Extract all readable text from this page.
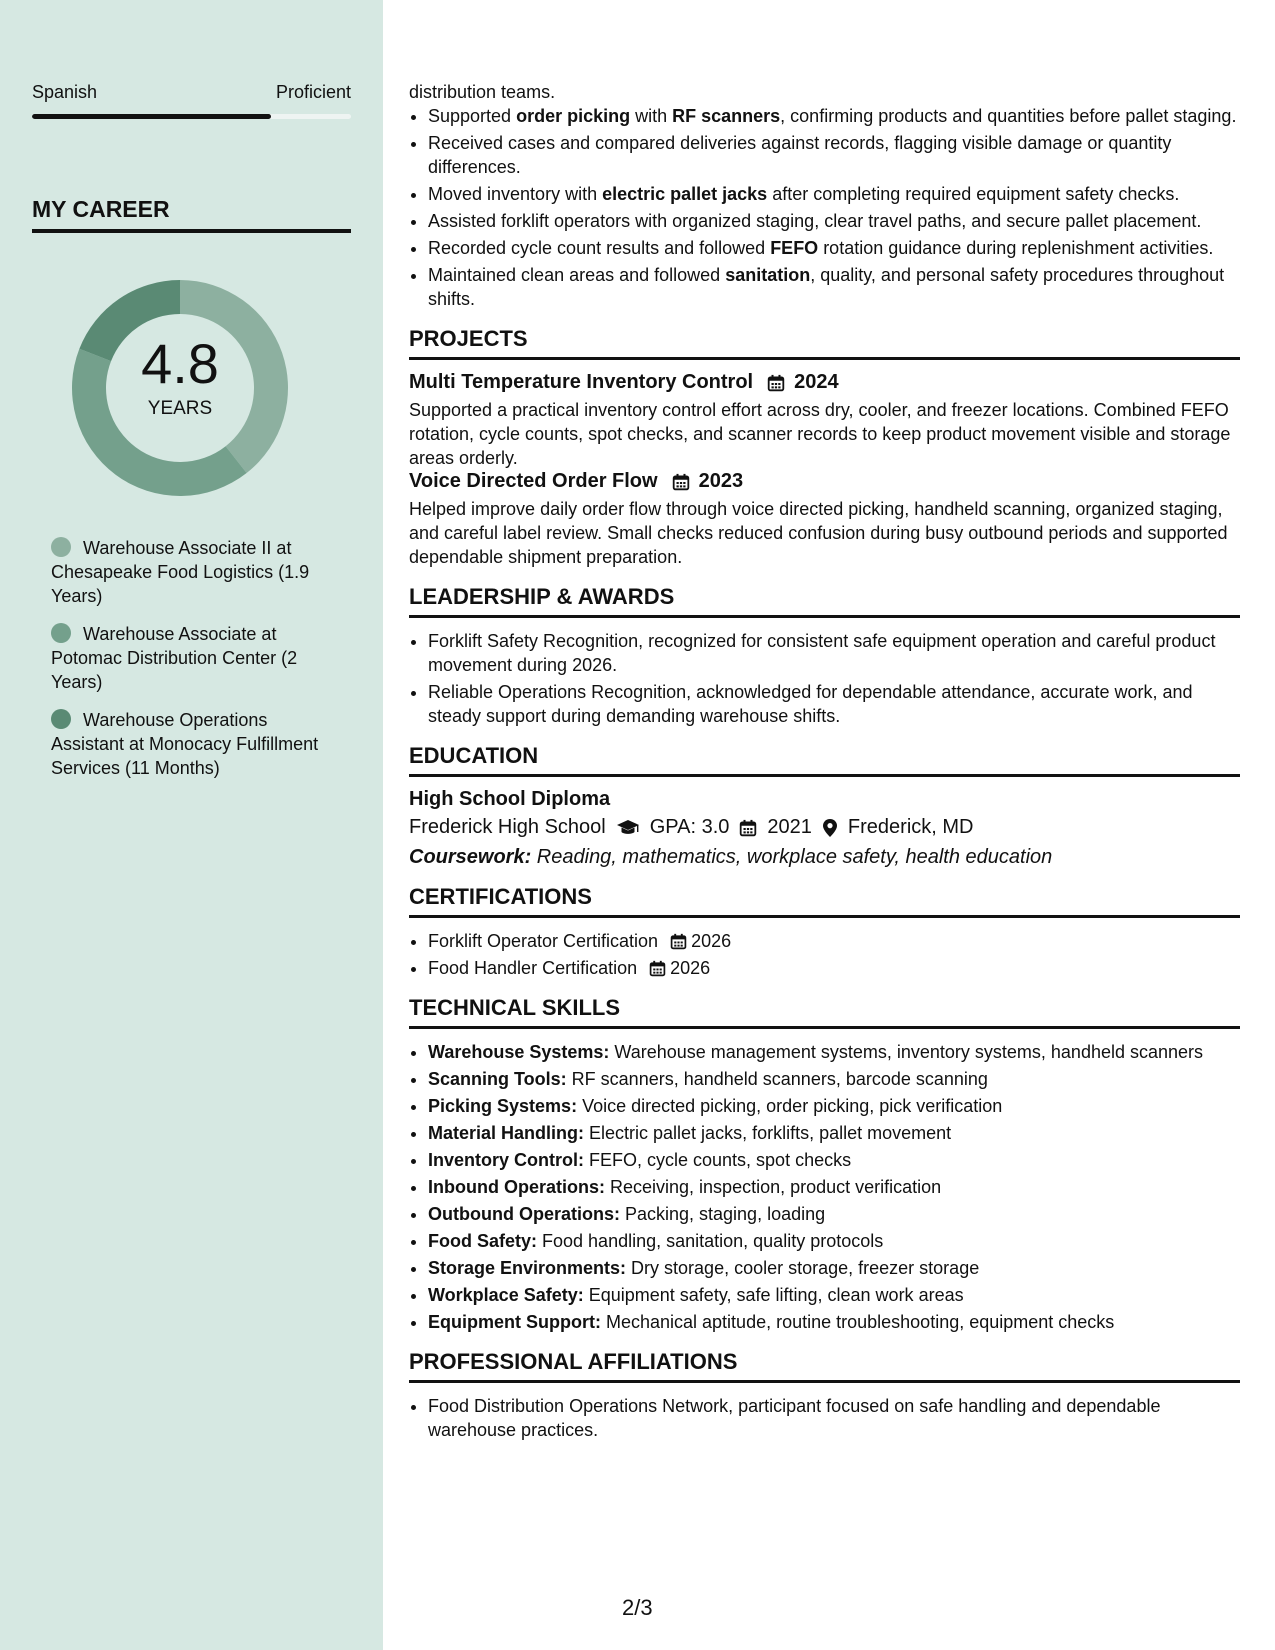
Spanish	Proficient
MY CAREER
4.8
YEARS
Warehouse Associate II at Chesapeake Food Logistics (1.9 Years)
Warehouse Associate at Potomac Distribution Center (2 Years)
Warehouse Operations Assistant at Monocacy Fulfillment Services (11 Months)

distribution teams.

• Supported order picking with RF scanners, confirming products and quantities before pallet staging.
• Received cases and compared deliveries against records, flagging visible damage or quantity differences.
• Moved inventory with electric pallet jacks after completing required equipment safety checks.
• Assisted forklift operators with organized staging, clear travel paths, and secure pallet placement.
• Recorded cycle count results and followed FEFO rotation guidance during replenishment activities.
• Maintained clean areas and followed sanitation, quality, and personal safety procedures throughout shifts.
PROJECTS
Multi Temperature Inventory Control 2024

Supported a practical inventory control effort across dry, cooler, and freezer locations. Combined FEFO rotation, cycle counts, spot checks, and scanner records to keep product movement visible and storage areas orderly.

Voice Directed Order Flow 2023

Helped improve daily order flow through voice directed picking, handheld scanning, organized staging, and careful label review. Small checks reduced confusion during busy outbound periods and supported dependable shipment preparation.

LEADERSHIP & AWARDS
• Forklift Safety Recognition, recognized for consistent safe equipment operation and careful product movement during 2026.
• Reliable Operations Recognition, acknowledged for dependable attendance, accurate work, and steady support during demanding warehouse shifts.
EDUCATION
High School Diploma
Frederick High School GPA: 3.0 2021 Frederick, MD
Coursework: Reading, mathematics, workplace safety, health education
CERTIFICATIONS
• Forklift Operator Certification 2026
• Food Handler Certification 2026
TECHNICAL SKILLS
• Warehouse Systems: Warehouse management systems, inventory systems, handheld scanners
• Scanning Tools: RF scanners, handheld scanners, barcode scanning
• Picking Systems: Voice directed picking, order picking, pick verification
• Material Handling: Electric pallet jacks, forklifts, pallet movement
• Inventory Control: FEFO, cycle counts, spot checks
• Inbound Operations: Receiving, inspection, product verification
• Outbound Operations: Packing, staging, loading
• Food Safety: Food handling, sanitation, quality protocols
• Storage Environments: Dry storage, cooler storage, freezer storage
• Workplace Safety: Equipment safety, safe lifting, clean work areas
• Equipment Support: Mechanical aptitude, routine troubleshooting, equipment checks
PROFESSIONAL AFFILIATIONS
• Food Distribution Operations Network, participant focused on safe handling and dependable warehouse practices.
2/3
